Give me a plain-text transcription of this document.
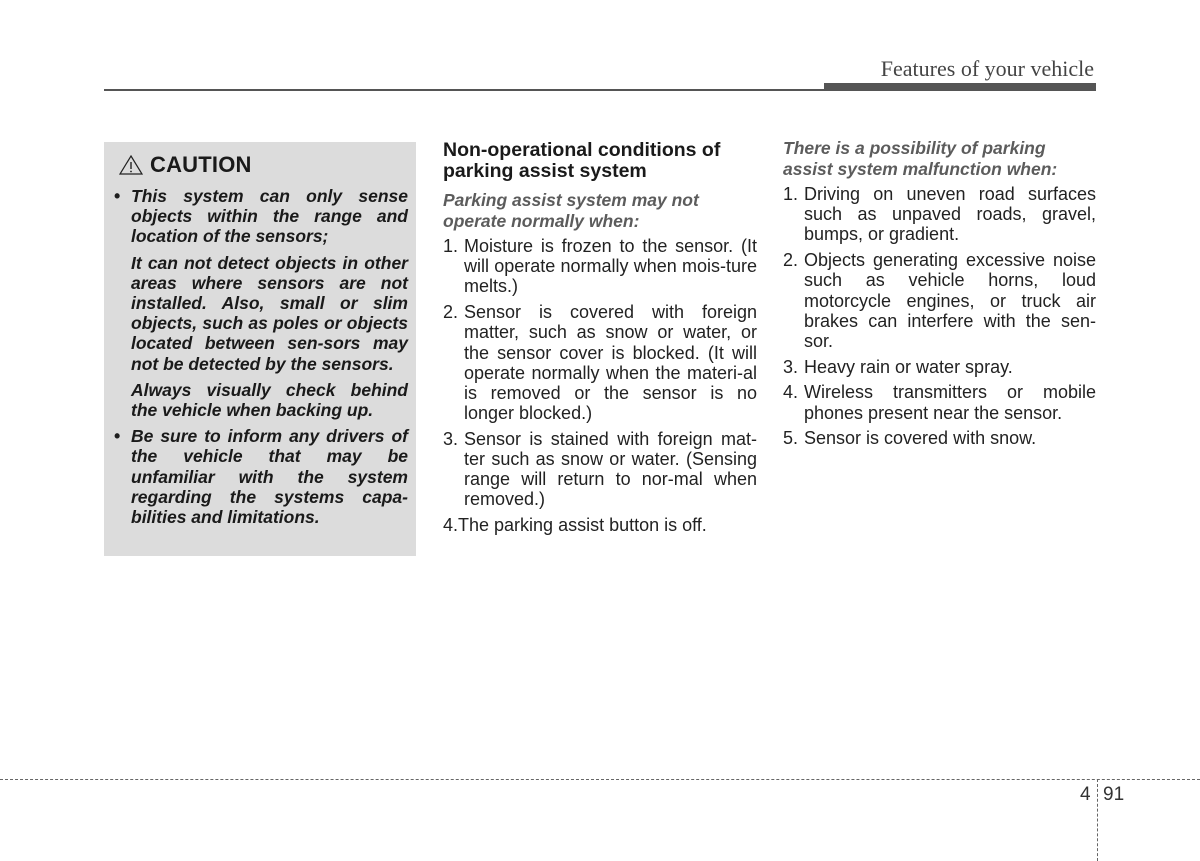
Features of your vehicle
CAUTION
• This system can only sense objects within the range and location of the sensors;

It can not detect objects in other areas where sensors are not installed. Also, small or slim objects, such as poles or objects located between sen-sors may not be detected by the sensors.

Always visually check behind the vehicle when backing up.

• Be sure to inform any drivers of the vehicle that may be unfamiliar with the system regarding the systems capa-bilities and limitations.

Non-operational conditions of parking assist system
Parking assist system may not operate normally when:
1. Moisture is frozen to the sensor. (It will operate normally when mois-ture melts.)
2. Sensor is covered with foreign matter, such as snow or water, or the sensor cover is blocked. (It will operate normally when the materi-al is removed or the sensor is no longer blocked.)
3. Sensor is stained with foreign mat-ter such as snow or water. (Sensing range will return to nor-mal when removed.)
4.The parking assist button is off.
There is a possibility of parking assist system malfunction when:
1. Driving on uneven road surfaces such as unpaved roads, gravel, bumps, or gradient.
2. Objects generating excessive noise such as vehicle horns, loud motorcycle engines, or truck air brakes can interfere with the sen-sor.
3. Heavy rain or water spray.
4. Wireless transmitters or mobile phones present near the sensor.
5. Sensor is covered with snow.
4 91
